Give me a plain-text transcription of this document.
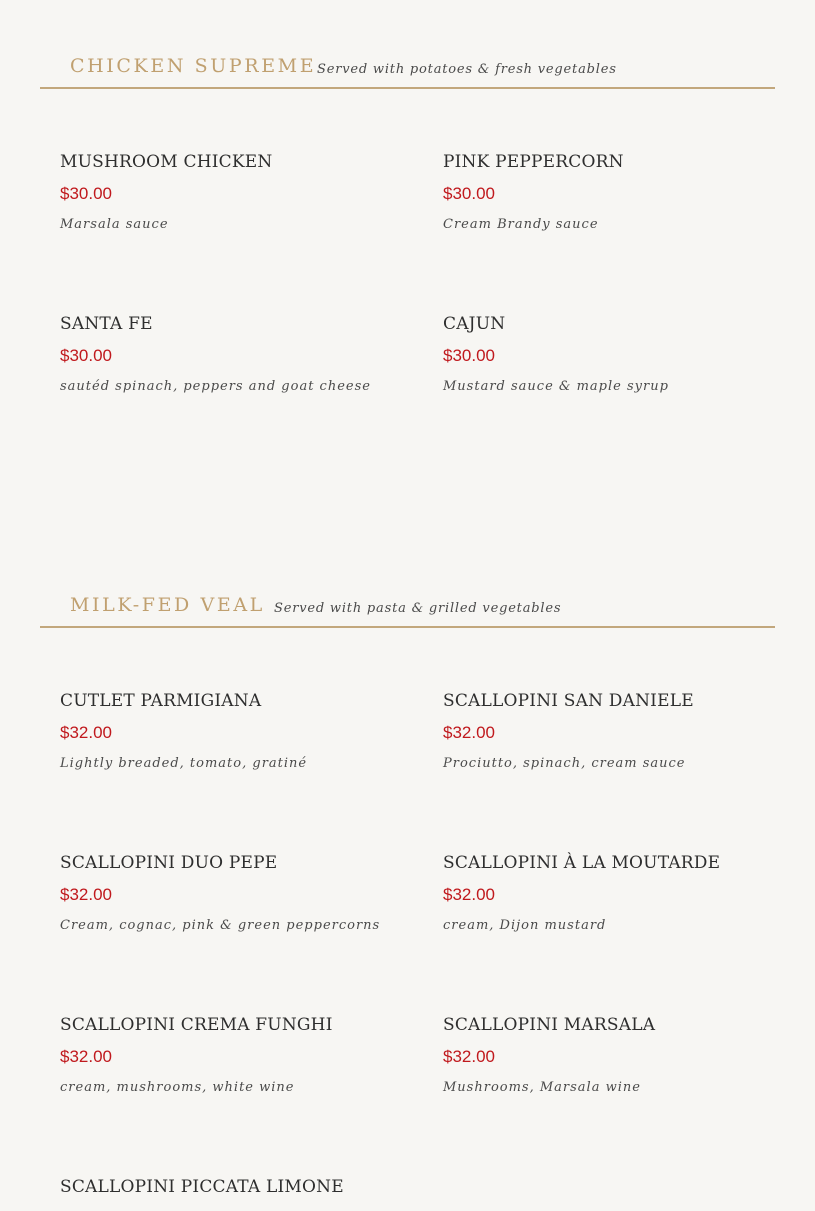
CHICKEN SUPREME Served with potatoes & fresh vegetables
MUSHROOM CHICKEN
$30.00
Marsala sauce
PINK PEPPERCORN
$30.00
Cream Brandy sauce
SANTA FE
$30.00
sautéd spinach, peppers and goat cheese
CAJUN
$30.00
Mustard sauce & maple syrup
MILK-FED VEAL Served with pasta & grilled vegetables
CUTLET PARMIGIANA
$32.00
Lightly breaded, tomato, gratiné
SCALLOPINI SAN DANIELE
$32.00
Prociutto, spinach, cream sauce
SCALLOPINI DUO PEPE
$32.00
Cream, cognac, pink & green peppercorns
SCALLOPINI À LA MOUTARDE
$32.00
cream, Dijon mustard
SCALLOPINI CREMA FUNGHI
$32.00
cream, mushrooms, white wine
SCALLOPINI MARSALA
$32.00
Mushrooms, Marsala wine
SCALLOPINI PICCATA LIMONE
